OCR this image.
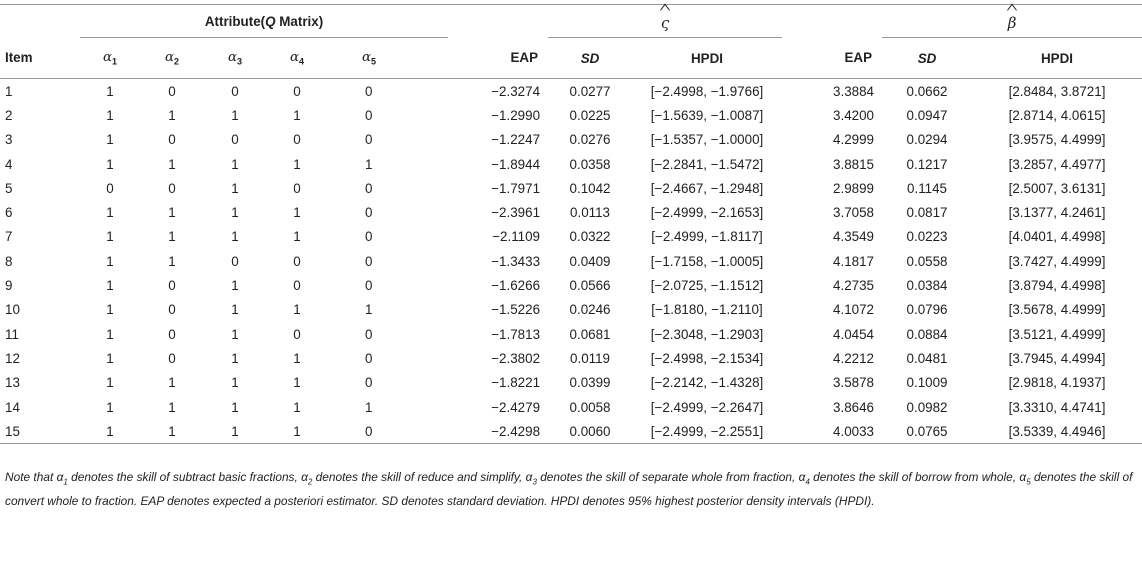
	Attribute(Q Matrix)						ς			β	
Item	$\alpha_1$	$\alpha_2$	$\alpha_3$	$\alpha_4$	$\alpha_5$	EAP	SD	HPDI	EAP	SD	HPDI
1	1	0	0	0	0	−2.3274	0.0277	[−2.4998, −1.9766]	3.3884	0.0662	[2.8484, 3.8721]
2	1	1	1	1	0	−1.2990	0.0225	[−1.5639, −1.0087]	3.4200	0.0947	[2.8714, 4.0615]
3	1	0	0	0	0	−1.2247	0.0276	[−1.5357, −1.0000]	4.2999	0.0294	[3.9575, 4.4999]
4	1	1	1	1	1	−1.8944	0.0358	[−2.2841, −1.5472]	3.8815	0.1217	[3.2857, 4.4977]
5	0	0	1	0	0	−1.7971	0.1042	[−2.4667, −1.2948]	2.9899	0.1145	[2.5007, 3.6131]
6	1	1	1	1	0	−2.3961	0.0113	[−2.4999, −2.1653]	3.7058	0.0817	[3.1377, 4.2461]
7	1	1	1	1	0	−2.1109	0.0322	[−2.4999, −1.8117]	4.3549	0.0223	[4.0401, 4.4998]
8	1	1	0	0	0	−1.3433	0.0409	[−1.7158, −1.0005]	4.1817	0.0558	[3.7427, 4.4999]
9	1	0	1	0	0	−1.6266	0.0566	[−2.0725, −1.1512]	4.2735	0.0384	[3.8794, 4.4998]
10	1	0	1	1	1	−1.5226	0.0246	[−1.8180, −1.2110]	4.1072	0.0796	[3.5678, 4.4999]
11	1	0	1	0	0	−1.7813	0.0681	[−2.3048, −1.2903]	4.0454	0.0884	[3.5121, 4.4999]
12	1	0	1	1	0	−2.3802	0.0119	[−2.4998, −2.1534]	4.2212	0.0481	[3.7945, 4.4994]
13	1	1	1	1	0	−1.8221	0.0399	[−2.2142, −1.4328]	3.5878	0.1009	[2.9818, 4.1937]
14	1	1	1	1	1	−2.4279	0.0058	[−2.4999, −2.2647]	3.8646	0.0982	[3.3310, 4.4741]
15	1	1	1	1	0	−2.4298	0.0060	[−2.4999, −2.2551]	4.0033	0.0765	[3.5339, 4.4946]
Note that $\alpha_1$ denotes the skill of subtract basic fractions, $\alpha_2$ denotes the skill of reduce and simplify, $\alpha_3$ denotes the skill of separate whole from fraction, $\alpha_4$ denotes the skill of borrow from whole, $\alpha_5$ denotes the skill of convert whole to fraction. EAP denotes expected a posteriori estimator. SD denotes standard deviation. HPDI denotes 95% highest posterior density intervals (HPDI).
